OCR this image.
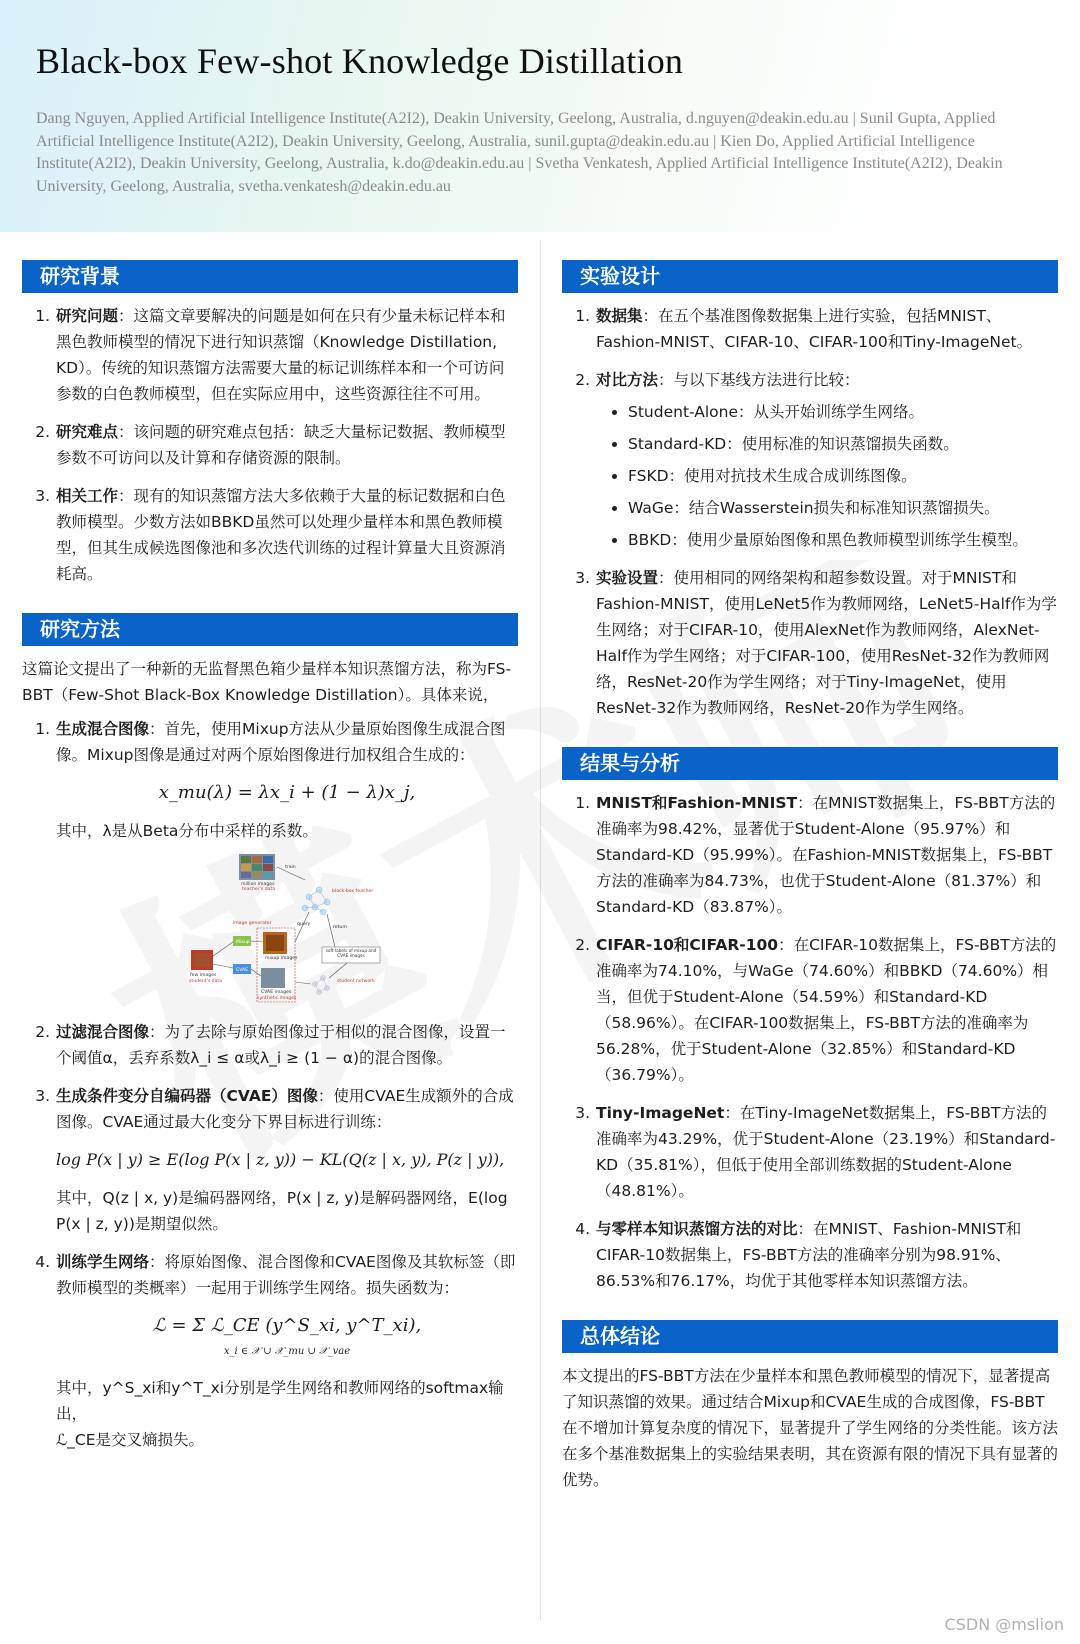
Black-box Few-shot Knowledge Distillation
Dang Nguyen, Applied Artificial Intelligence Institute(A2I2), Deakin University, Geelong, Australia, d.nguyen@deakin.edu.au | Sunil Gupta, Applied Artificial Intelligence Institute(A2I2), Deakin University, Geelong, Australia, sunil.gupta@deakin.edu.au | Kien Do, Applied Artificial Intelligence Institute(A2I2), Deakin University, Geelong, Australia, k.do@deakin.edu.au | Svetha Venkatesh, Applied Artificial Intelligence Institute(A2I2), Deakin University, Geelong, Australia, svetha.venkatesh@deakin.edu.au
研究背景
1. 研究问题：这篇文章要解决的问题是如何在只有少量未标记样本和黑色教师模型的情况下进行知识蒸馏（Knowledge Distillation, KD）。传统的知识蒸馏方法需要大量的标记训练样本和一个可访问参数的白色教师模型，但在实际应用中，这些资源往往不可用。
2. 研究难点：该问题的研究难点包括：缺乏大量标记数据、教师模型参数不可访问以及计算和存储资源的限制。
3. 相关工作：现有的知识蒸馏方法大多依赖于大量的标记数据和白色教师模型。少数方法如BBKD虽然可以处理少量样本和黑色教师模型，但其生成候选图像池和多次迭代训练的过程计算量大且资源消耗高。
研究方法

这篇论文提出了一种新的无监督黑色箱少量样本知识蒸馏方法，称为FS-BBT（Few-Shot Black-Box Knowledge Distillation）。具体来说，

1. 生成混合图像：首先，使用Mixup方法从少量原始图像生成混合图像。Mixup图像是通过对两个原始图像进行加权组合生成的：
x_mu(λ) = λx_i + (1 − λ)x_j,
其中，λ是从Beta分布中采样的系数。
million images
teacher's data
train
black-box teacher
image generator
Mixup
CVAE
few images
student's data
mixup images
CVAE images
synthetic images
query
return
soft-labels of mixup and CVAE images
student network
2. 过滤混合图像：为了去除与原始图像过于相似的混合图像，设置一个阈值α，丢弃系数λ_i ≤ α或λ_i ≥ (1 − α)的混合图像。
3. 生成条件变分自编码器（CVAE）图像：使用CVAE生成额外的合成图像。CVAE通过最大化变分下界目标进行训练：
log P(x | y) ≥ E(log P(x | z, y)) − KL(Q(z | x, y), P(z | y)),
其中，Q(z | x, y)是编码器网络，P(x | z, y)是解码器网络，E(log P(x | z, y))是期望似然。
4. 训练学生网络：将原始图像、混合图像和CVAE图像及其软标签（即教师模型的类概率）一起用于训练学生网络。损失函数为：
ℒ = Σ ℒ_CE (y^S_xi, y^T_xi),
x_i ∈ 𝒳 ∪ 𝒳_mu ∪ 𝒳_vae
其中，y^S_xi和y^T_xi分别是学生网络和教师网络的softmax输出，
ℒ_CE是交叉熵损失。
实验设计
1. 数据集：在五个基准图像数据集上进行实验，包括MNIST、Fashion-MNIST、CIFAR-10、CIFAR-100和Tiny-ImageNet。
2. 对比方法：与以下基线方法进行比较：
• Student-Alone：从头开始训练学生网络。
• Standard-KD：使用标准的知识蒸馏损失函数。
• FSKD：使用对抗技术生成合成训练图像。
• WaGe：结合Wasserstein损失和标准知识蒸馏损失。
• BBKD：使用少量原始图像和黑色教师模型训练学生模型。
3. 实验设置：使用相同的网络架构和超参数设置。对于MNIST和Fashion-MNIST，使用LeNet5作为教师网络，LeNet5-Half作为学生网络；对于CIFAR-10，使用AlexNet作为教师网络，AlexNet-Half作为学生网络；对于CIFAR-100，使用ResNet-32作为教师网络，ResNet-20作为学生网络；对于Tiny-ImageNet，使用ResNet-32作为教师网络，ResNet-20作为学生网络。
结果与分析
1. MNIST和Fashion-MNIST：在MNIST数据集上，FS-BBT方法的准确率为98.42%，显著优于Student-Alone（95.97%）和Standard-KD（95.99%）。在Fashion-MNIST数据集上，FS-BBT方法的准确率为84.73%，也优于Student-Alone（81.37%）和Standard-KD（83.87%）。
2. CIFAR-10和CIFAR-100：在CIFAR-10数据集上，FS-BBT方法的准确率为74.10%，与WaGe（74.60%）和BBKD（74.60%）相当，但优于Student-Alone（54.59%）和Standard-KD（58.96%）。在CIFAR-100数据集上，FS-BBT方法的准确率为56.28%，优于Student-Alone（32.85%）和Standard-KD（36.79%）。
3. Tiny-ImageNet：在Tiny-ImageNet数据集上，FS-BBT方法的准确率为43.29%，优于Student-Alone（23.19%）和Standard-KD（35.81%），但低于使用全部训练数据的Student-Alone（48.81%）。
4. 与零样本知识蒸馏方法的对比：在MNIST、Fashion-MNIST和CIFAR-10数据集上，FS-BBT方法的准确率分别为98.91%、86.53%和76.17%，均优于其他零样本知识蒸馏方法。
总体结论

本文提出的FS-BBT方法在少量样本和黑色教师模型的情况下，显著提高了知识蒸馏的效果。通过结合Mixup和CVAE生成的合成图像，FS-BBT在不增加计算复杂度的情况下，显著提升了学生网络的分类性能。该方法在多个基准数据集上的实验结果表明，其在资源有限的情况下具有显著的优势。

CSDN @mslion
